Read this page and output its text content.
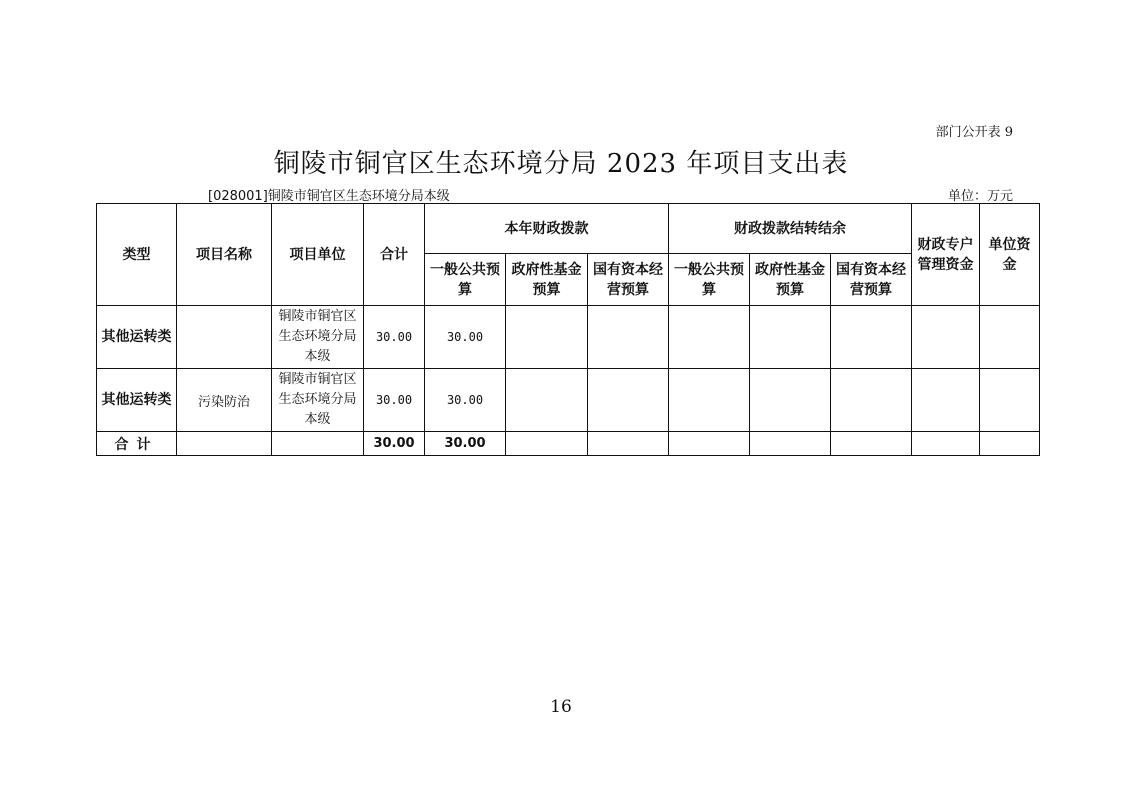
部门公开表 9
铜陵市铜官区生态环境分局 2023 年项目支出表
[028001]铜陵市铜官区生态环境分局本级	单位：万元
类型	项目名称	项目单位	合计	本年财政拨款			财政拨款结转结余			财政专户管理资金	单位资金
				一般公共预算	政府性基金预算	国有资本经营预算	一般公共预算	政府性基金预算	国有资本经营预算		
其他运转类		铜陵市铜官区生态环境分局本级	30.00	30.00							
其他运转类	污染防治	铜陵市铜官区生态环境分局本级	30.00	30.00							
合计			30.00	30.00							
16
